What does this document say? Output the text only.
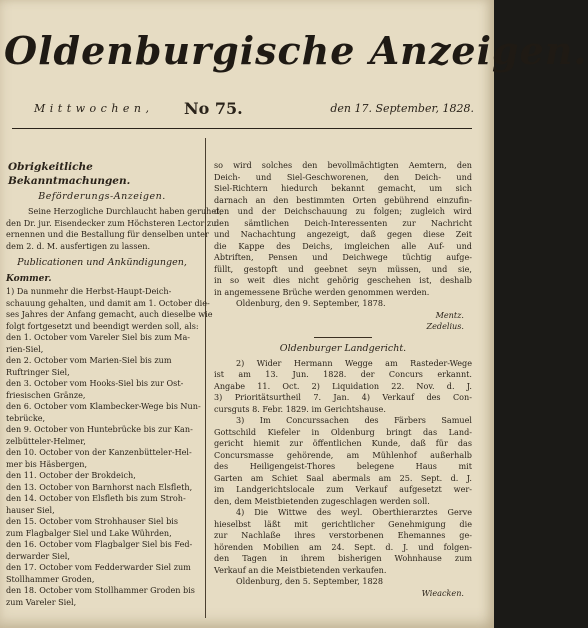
Oldenburgische Anzeigen.
Mittwochen, No 75.	den 17. September, 1828.
Obrigkeitliche Bekanntmachungen.
Beförderungs-Anzeigen.
Seine Herzogliche Durchlaucht haben geruhet,
den Dr. jur. Eisendecker zum Höchsteren Lector zu
ernennen und die Bestallung für denselben unter
dem 2. d. M. ausfertigen zu lassen.
Publicationen und Ankündigungen,
Kommer.
1) Da nunmehr die Herbst-Haupt-Deich-
schauung gehalten, und damit am 1. October die-
ses Jahres der Anfang gemacht, auch dieselbe wie
folgt fortgesetzt und beendigt werden soll, als:
den 1. October vom Vareler Siel bis zum Ma-
rien-Siel,
den 2. October vom Marien-Siel bis zum
Ruftringer Siel,
den 3. October vom Hooks-Siel bis zur Ost-
friesischen Gränze,
den 6. October vom Klambecker-Wege bis Nun-
tebrücke,
den 9. October von Huntebrücke bis zur Kan-
zelbütteler-Helmer,
den 10. October von der Kanzenbütteler-Hel-
mer bis Häsbergen,
den 11. October der Brokdeich,
den 13. October von Barnhorst nach Elsfleth,
den 14. October von Elsfleth bis zum Stroh-
hauser Siel,
den 15. October vom Strohhauser Siel bis
zum Flagbalger Siel und Lake Wührden,
den 16. October vom Flagbalger Siel bis Fed-
derwarder Siel,
den 17. October vom Fedderwarder Siel zum
Stollhammer Groden,
den 18. October vom Stollhammer Groden bis
zum Vareler Siel,
so wird solches den bevollmächtigten Aemtern, den
Deich- und Siel-Geschworenen, den Deich- und
Siel-Richtern hiedurch bekannt gemacht, um sich
darnach an den bestimmten Orten gebührend einzufin-
den und der Deichschauung zu folgen; zugleich wird
den sämtlichen Deich-Interessenten zur Nachricht
und Nachachtung angezeigt, daß gegen diese Zeit
die Kappe des Deichs, imgleichen alle Auf- und
Abtriften, Pensen und Deichwege tüchtig aufge-
füllt, gestopft und geebnet seyn müssen, und sie,
in so weit dies nicht gehörig geschehen ist, deshalb
in angemessene Brüche werden genommen werden.
Oldenburg, den 9. September, 1878.
Mentz.
Zedelius.
Oldenburger Landgericht.
2) Wider Hermann Wegge am Rasteder-Wege
ist am 13. Jun. 1828. der Concurs erkannt.
Angabe 11. Oct. 2) Liquidation 22. Nov. d. J.
3) Prioritätsurtheil 7. Jan. 4) Verkauf des Con-
cursguts 8. Febr. 1829. im Gerichtshause.
3) Im Concurssachen des Färbers Samuel
Gottschild Kiefeler in Oldenburg bringt das Land-
gericht hiemit zur öffentlichen Kunde, daß für das
Concursmasse gehörende, am Mühlenhof außerhalb
des Heiligengeist-Thores belegene Haus mit
Garten am Schiet Saal abermals am 25. Sept. d. J.
im Landgerichtslocale zum Verkauf aufgesetzt wer-
den, dem Meistbietenden zugeschlagen werden soll.
4) Die Wittwe des weyl. Oberthierarztes Gerve
hieselbst läßt mit gerichtlicher Genehmigung die
zur Nachlaße ihres verstorbenen Ehemannes ge-
hörenden Mobilien am 24. Sept. d. J. und folgen-
den Tagen in ihrem bisherigen Wohnhause zum
Verkauf an die Meistbietenden verkaufen.
Oldenburg, den 5. September, 1828
Wieacken.
